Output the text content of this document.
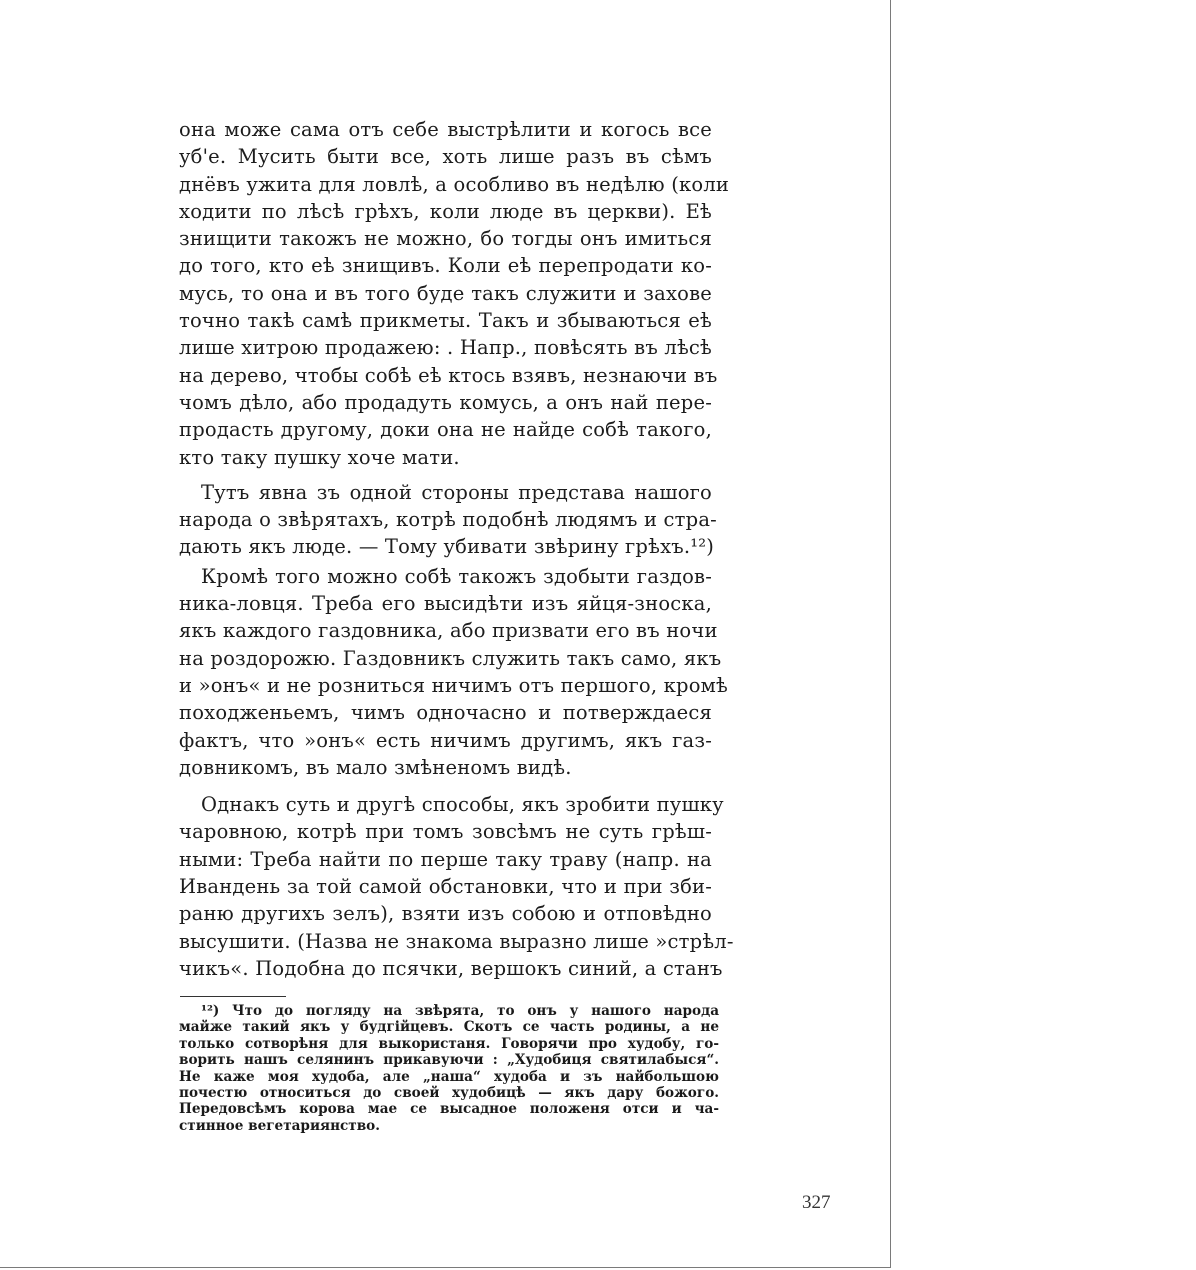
она може сама отъ себе выстрѣлити и когось все
уб'е. Мусить быти все, хоть лише разъ въ сѣмъ
днёвъ ужита для ловлѣ, а особливо въ недѣлю (коли
ходити по лѣсѣ грѣхъ, коли люде въ церкви). Еѣ
знищити такожъ не можно, бо тогды онъ имиться
до того, кто еѣ знищивъ. Коли еѣ перепродати ко-
мусь, то она и въ того буде такъ служити и захове
точно такѣ самѣ прикметы. Такъ и збываються еѣ
лише хитрою продажею: . Напр., повѣсять въ лѣсѣ
на дерево, чтобы собѣ еѣ ктось взявъ, незнаючи въ
чомъ дѣло, або продадуть комусь, а онъ най пере-
продасть другому, доки она не найде собѣ такого,
кто таку пушку хоче мати.

Тутъ явна зъ одной стороны представа нашого
народа о звѣрятахъ, котрѣ подобнѣ людямъ и стра-
дають якъ люде. — Тому убивати звѣрину грѣхъ.¹²)

Кромѣ того можно собѣ такожъ здобыти газдов-
ника-ловця. Треба его высидѣти изъ яйця-зноска,
якъ каждого газдовника, або призвати его въ ночи
на роздорожю. Газдовникъ служить такъ само, якъ
и »онъ« и не розниться ничимъ отъ першого, кромѣ
походженьемъ, чимъ одночасно и потверждаеся
фактъ, что »онъ« есть ничимъ другимъ, якъ газ-
довникомъ, въ мало змѣненомъ видѣ.

Однакъ суть и другѣ способы, якъ зробити пушку
чаровною, котрѣ при томъ зовсѣмъ не суть грѣш-
ными: Треба найти по перше таку траву (напр. на
Ивандень за той самой обстановки, что и при зби-
раню другихъ зелъ), взяти изъ собою и отповѣдно
высушити. (Назва не знакома выразно лише »стрѣл-
чикъ«. Подобна до псячки, вершокъ синий, а станъ

¹²) Что до погляду на звѣрята, то онъ у нашого народа
майже такий якъ у будгійцевъ. Скотъ се часть родины, а не
только сотворѣня для выкористаня. Говорячи про худобу, го-
ворить нашъ селянинъ прикавуючи : „Худобиця святилабыся“.
Не каже моя худоба, але „наша“ худоба и зъ найбольшою
почестю относиться до своей худобицѣ — якъ дару божого.
Передовсѣмъ корова мае се высадное положеня отси и ча-
стинное вегетариянство.
327
